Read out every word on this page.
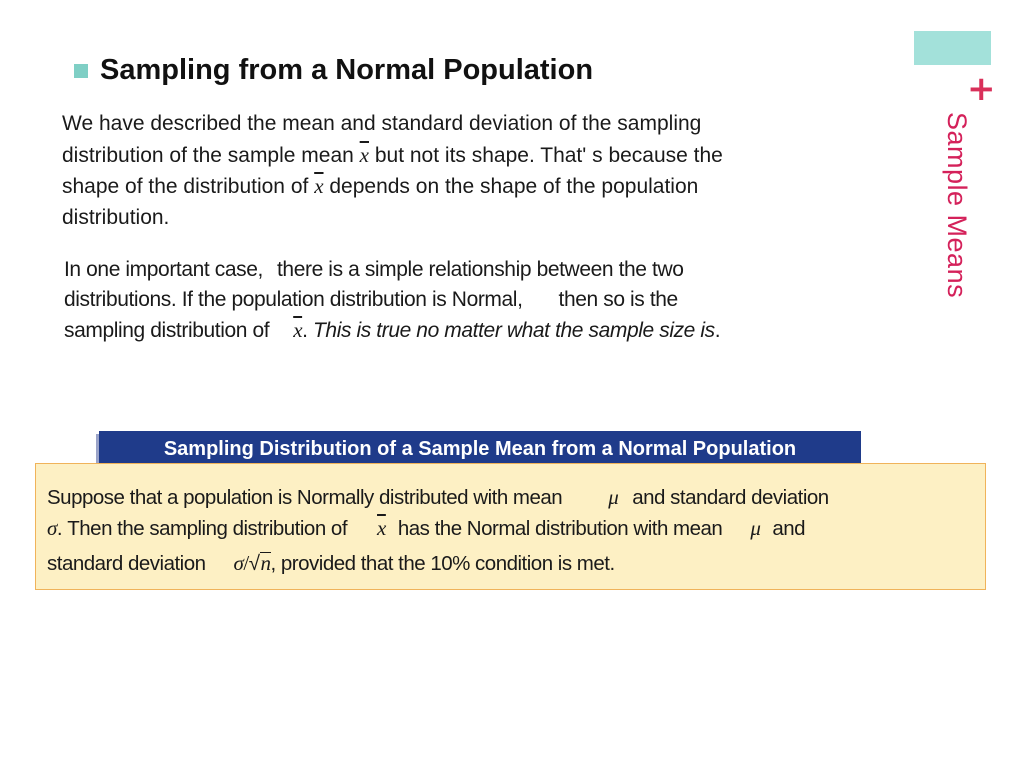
+
Sample Means
Sampling from a Normal Population
We have described the mean and standard deviation of the sampling
distribution of the sample mean $\overline{x}$ but not its shape. That' s because the
shape of the distribution of $\overline{x}$ depends on the shape of the population
distribution.
In one important case, there is a simple relationship between the two
distributions. If the population distribution is Normal, then so is the
sampling distribution of $\overline{x}$. This is true no matter what the sample size is.
Sampling Distribution of a Sample Mean from a Normal Population
Suppose that a population is Normally distributed with mean μ and standard deviation
σ. Then the sampling distribution of $\overline{x}$ has the Normal distribution with mean μ and
standard deviation σ/√n, provided that the 10% condition is met.
